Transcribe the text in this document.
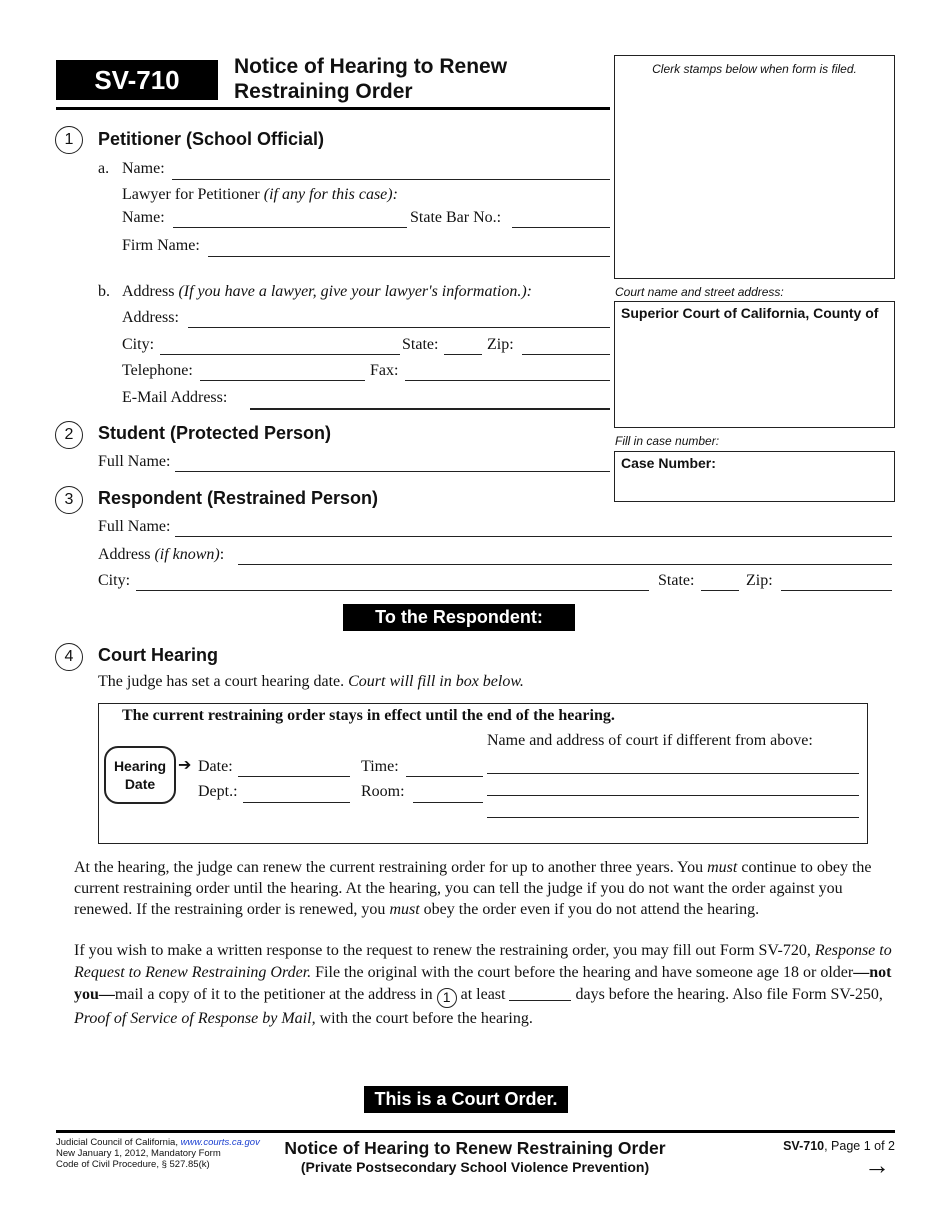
SV-710	Notice of Hearing to Renew
Restraining Order
Clerk stamps below when form is filed.
Court name and street address:
Superior Court of California, County of
Fill in case number:
Case Number:
1	Petitioner (School Official)
a. Name:
Lawyer for Petitioner (if any for this case):
Name:	State Bar No.:
Firm Name:
b. Address (If you have a lawyer, give your lawyer's information.):
Address:
City:	State:	Zip:
Telephone:	Fax:
E-Mail Address:
2	Student (Protected Person)
Full Name:
3	Respondent (Restrained Person)
Full Name:
Address (if known):
City:	State:	Zip:
To the Respondent:
4	Court Hearing
The judge has set a court hearing date. Court will fill in box below.
The current restraining order stays in effect until the end of the hearing.
Name and address of court if different from above:
Hearing
Date
➔ Date:	Time:
Dept.:	Room:
At the hearing, the judge can renew the current restraining order for up to another three years. You must continue to obey the current restraining order until the hearing. At the hearing, you can tell the judge if you do not want the order against you renewed. If the restraining order is renewed, you must obey the order even if you do not attend the hearing.
If you wish to make a written response to the request to renew the restraining order, you may fill out Form SV-720, Response to Request to Renew Restraining Order. File the original with the court before the hearing and have someone age 18 or older—not you—mail a copy of it to the petitioner at the address in 1 at least	days before the hearing. Also file Form SV-250, Proof of Service of Response by Mail, with the court before the hearing.
This is a Court Order.
Judicial Council of California, www.courts.ca.gov
New January 1, 2012, Mandatory Form
Code of Civil Procedure, § 527.85(k)
Notice of Hearing to Renew Restraining Order
(Private Postsecondary School Violence Prevention)
SV-710, Page 1 of 2
→
